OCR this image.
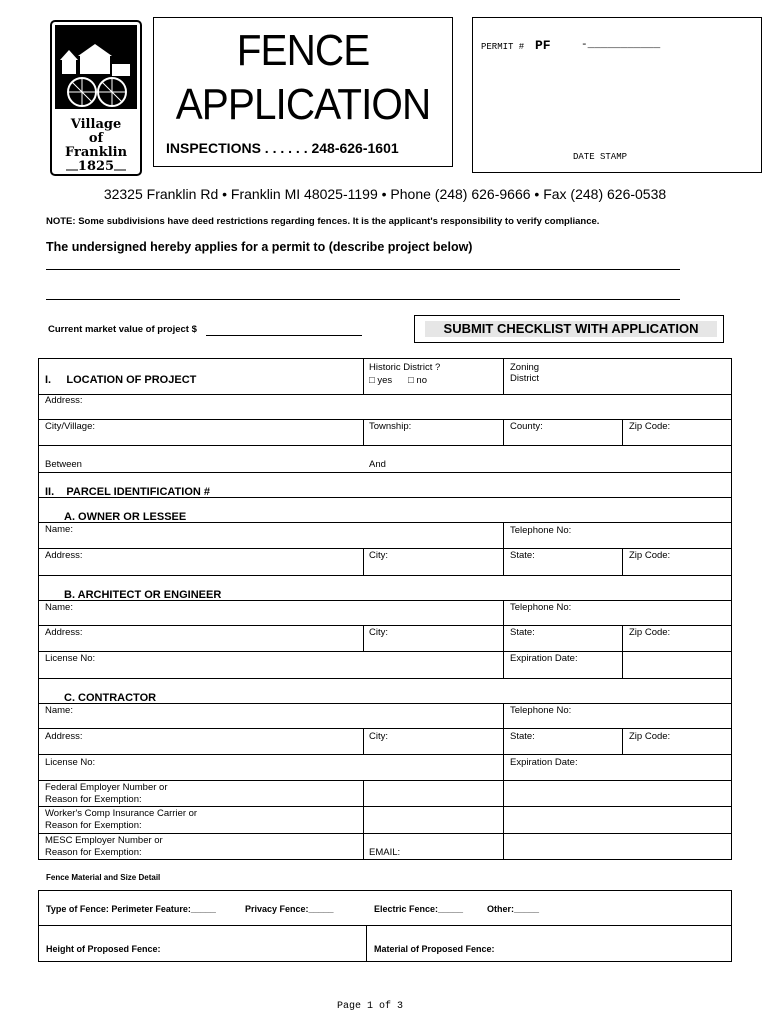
Village
of
Franklin
1825
FENCE
APPLICATION
INSPECTIONS . . . . . . 248-626-1601
PERMIT # PF	-___________
DATE STAMP
32325 Franklin Rd • Franklin MI 48025-1199 • Phone (248) 626-9666 • Fax (248) 626-0538
NOTE: Some subdivisions have deed restrictions regarding fences. It is the applicant's responsibility to verify compliance.
The undersigned hereby applies for a permit to (describe project below)
Current market value of project $	SUBMIT CHECKLIST WITH APPLICATION
I.     LOCATION OF PROJECT
Historic District ?
□ yes □ no
Zoning
District
Address:
City/Village:	Township:	County:	Zip Code:
Between	And
II.    PARCEL IDENTIFICATION #
A. OWNER OR LESSEE
Name:	Telephone No:
Address:	City:	State:	Zip Code:
B. ARCHITECT OR ENGINEER
Name:	Telephone No:
Address:	City:	State:	Zip Code:
License No:	Expiration Date:
C. CONTRACTOR
Name:	Telephone No:
Address:	City:	State:	Zip Code:
License No:	Expiration Date:
Federal Employer Number or
Reason for Exemption:
Worker's Comp Insurance Carrier or
Reason for Exemption:
MESC Employer Number or
Reason for Exemption:	EMAIL:
Fence Material and Size Detail
Type of Fence: Perimeter Feature:_____	Privacy Fence:_____	Electric Fence:_____	Other:_____
Height of Proposed Fence:	Material of Proposed Fence:
Page 1 of 3
